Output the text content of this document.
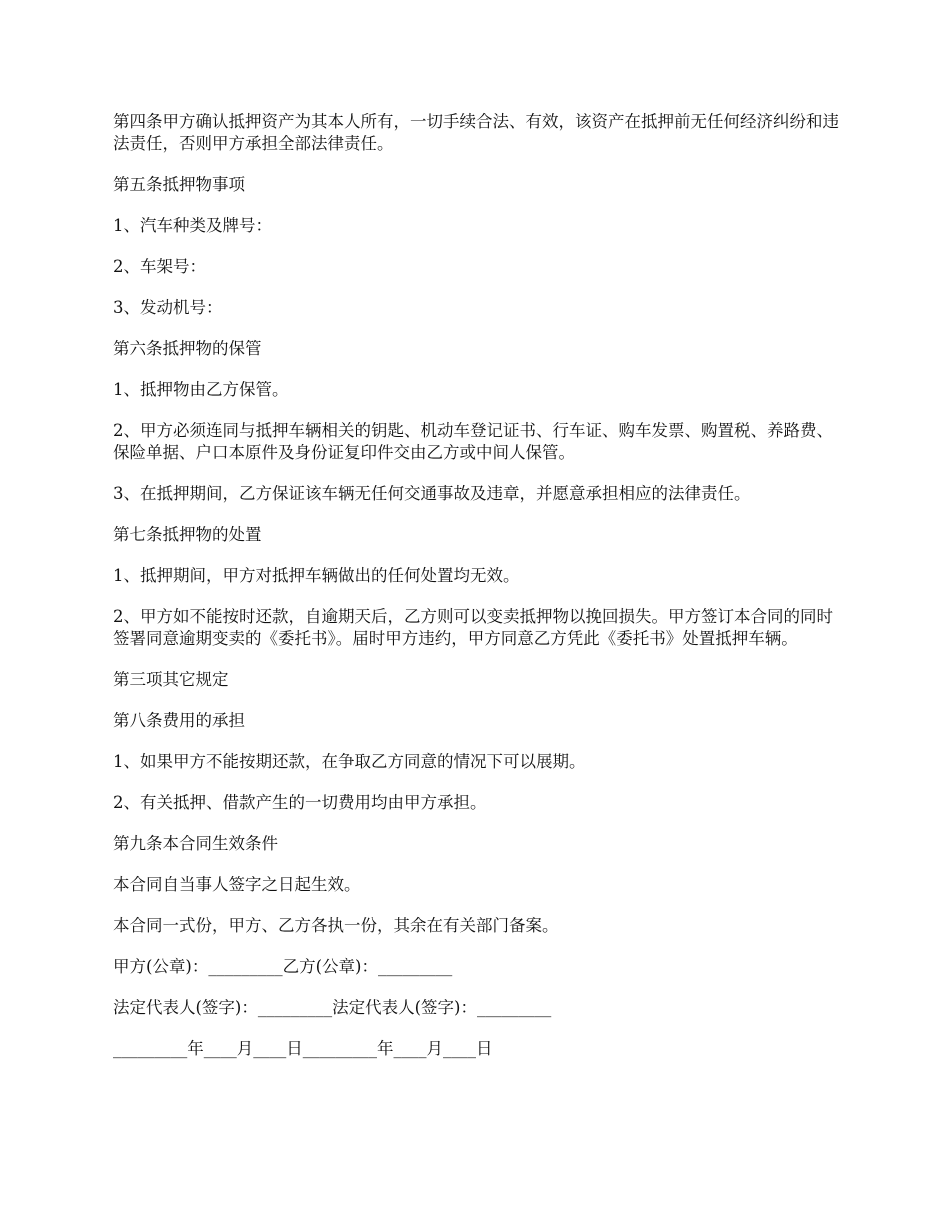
第四条甲方确认抵押资产为其本人所有，一切手续合法、有效，该资产在抵押前无任何经济纠纷和违法责任，否则甲方承担全部法律责任。

第五条抵押物事项

1、汽车种类及牌号：

2、车架号：

3、发动机号：

第六条抵押物的保管

1、抵押物由乙方保管。

2、甲方必须连同与抵押车辆相关的钥匙、机动车登记证书、行车证、购车发票、购置税、养路费、保险单据、户口本原件及身份证复印件交由乙方或中间人保管。

3、在抵押期间，乙方保证该车辆无任何交通事故及违章，并愿意承担相应的法律责任。

第七条抵押物的处置

1、抵押期间，甲方对抵押车辆做出的任何处置均无效。

2、甲方如不能按时还款，自逾期天后，乙方则可以变卖抵押物以挽回损失。甲方签订本合同的同时签署同意逾期变卖的《委托书》。届时甲方违约，甲方同意乙方凭此《委托书》处置抵押车辆。

第三项其它规定

第八条费用的承担

1、如果甲方不能按期还款，在争取乙方同意的情况下可以展期。

2、有关抵押、借款产生的一切费用均由甲方承担。

第九条本合同生效条件

本合同自当事人签字之日起生效。

本合同一式份，甲方、乙方各执一份，其余在有关部门备案。

甲方(公章)：_________乙方(公章)：_________

法定代表人(签字)：_________法定代表人(签字)：_________

_________年____月____日_________年____月____日
